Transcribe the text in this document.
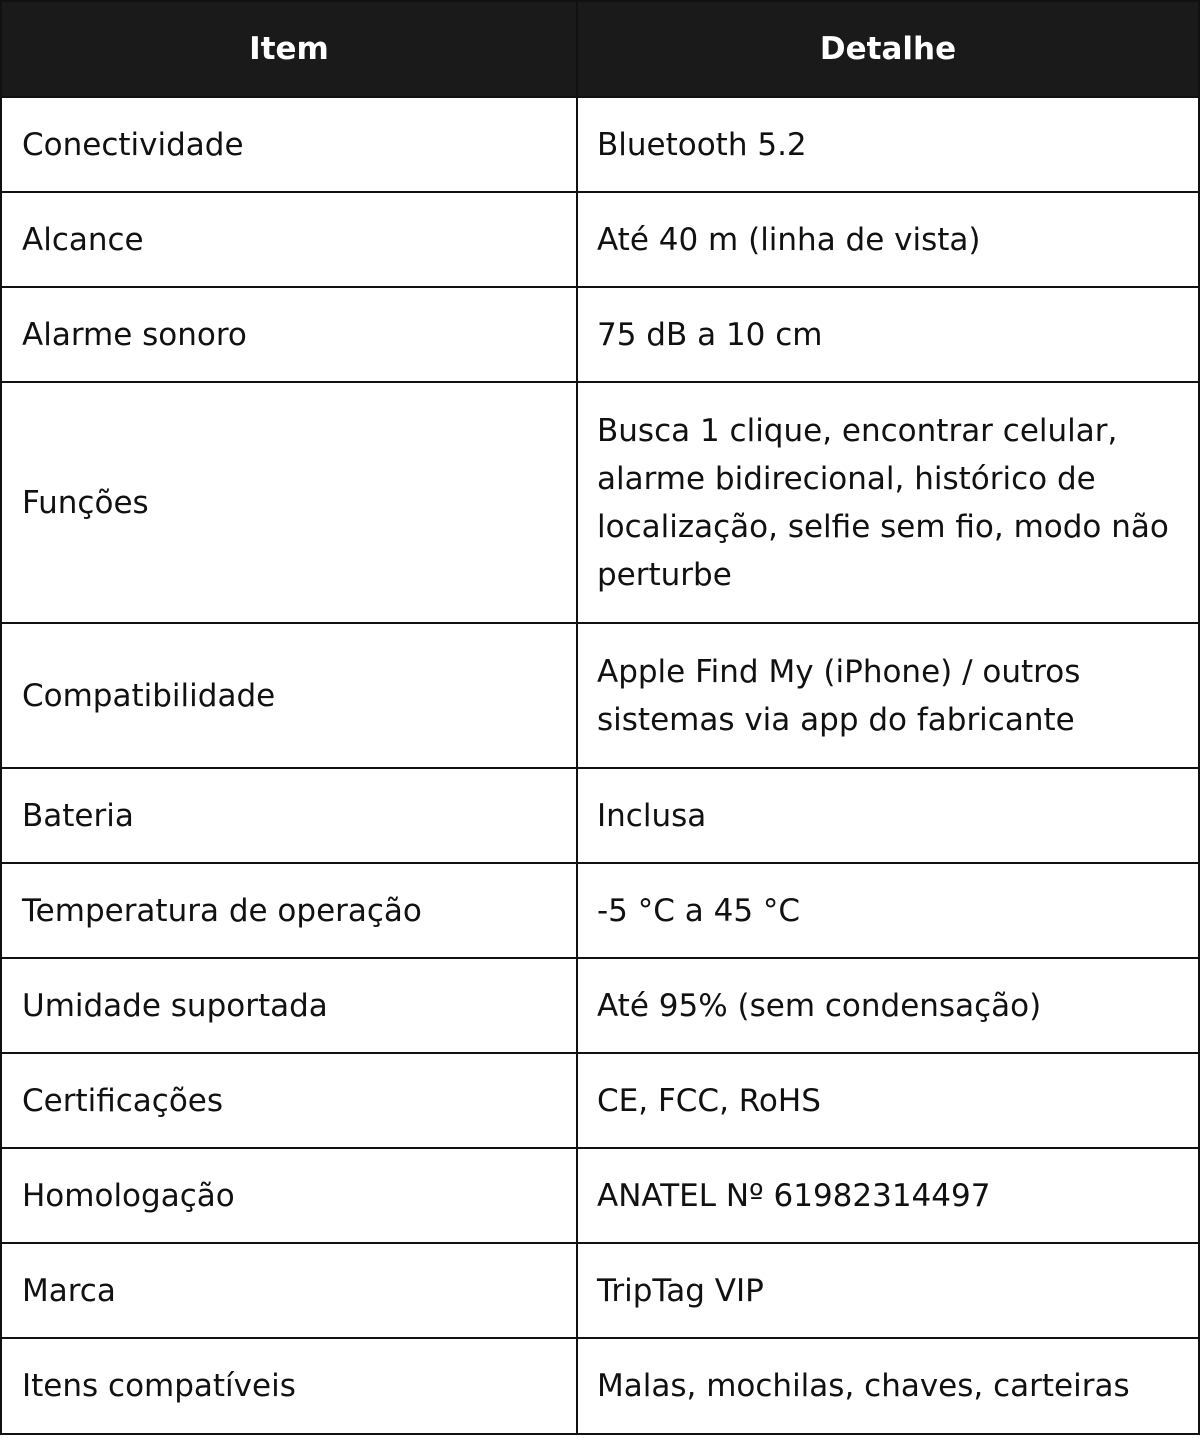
Item	Detalhe
Conectividade	Bluetooth 5.2
Alcance	Até 40 m (linha de vista)
Alarme sonoro	75 dB a 10 cm
Funções	Busca 1 clique, encontrar celular, alarme bidirecional, histórico de localização, selfie sem fio, modo não perturbe
Compatibilidade	Apple Find My (iPhone) / outros sistemas via app do fabricante
Bateria	Inclusa
Temperatura de operação	-5 °C a 45 °C
Umidade suportada	Até 95% (sem condensação)
Certificações	CE, FCC, RoHS
Homologação	ANATEL Nº 61982314497
Marca	TripTag VIP
Itens compatíveis	Malas, mochilas, chaves, carteiras
